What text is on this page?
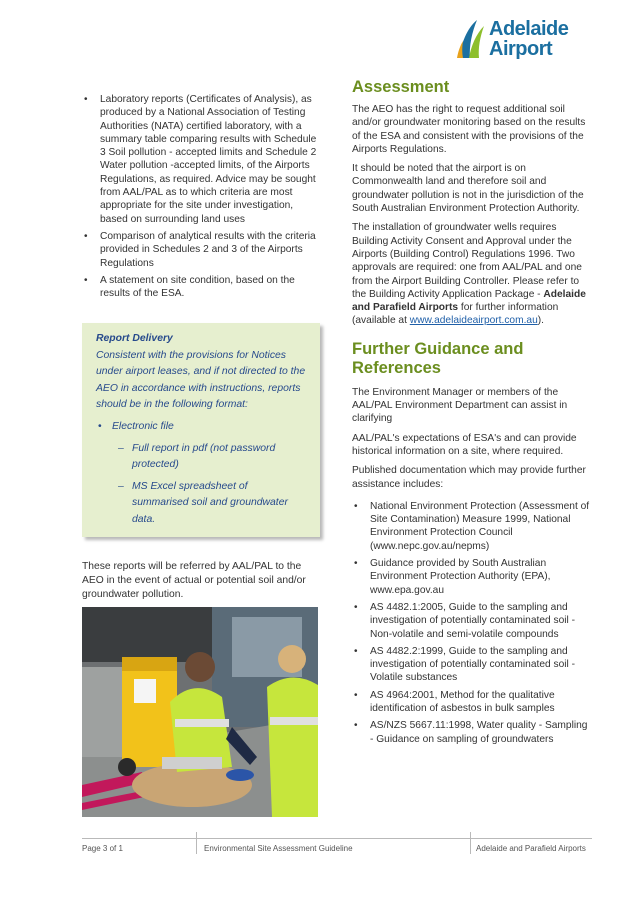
Adelaide
Airport
• Laboratory reports (Certificates of Analysis), as produced by a National Association of Testing Authorities (NATA) certified laboratory, with a summary table comparing results with Schedule 3 Soil pollution - accepted limits and Schedule 2 Water pollution -accepted limits, of the Airports Regulations, as required. Advice may be sought from AAL/PAL as to which criteria are most appropriate for the site under investigation, based on surrounding land uses
• Comparison of analytical results with the criteria provided in Schedules 2 and 3 of the Airports Regulations
• A statement on site condition, based on the results of the ESA.
Report Delivery
Consistent with the provisions for Notices under airport leases, and if not directed to the AEO in accordance with instructions, reports should be in the following format:
• Electronic file
– Full report in pdf (not password protected)
– MS Excel spreadsheet of summarised soil and groundwater data.
These reports will be referred by AAL/PAL to the AEO in the event of actual or potential soil and/or groundwater pollution.
Assessment

The AEO has the right to request additional soil and/or groundwater monitoring based on the results of the ESA and consistent with the provisions of the Airports Regulations.

It should be noted that the airport is on Commonwealth land and therefore soil and groundwater pollution is not in the jurisdiction of the South Australian Environment Protection Authority.

The installation of groundwater wells requires Building Activity Consent and Approval under the Airports (Building Control) Regulations 1996. Two approvals are required: one from AAL/PAL and one from the Airport Building Controller. Please refer to the Building Activity Application Package - Adelaide and Parafield Airports for further information (available at www.adelaideairport.com.au).

Further Guidance and References

The Environment Manager or members of the AAL/PAL Environment Department can assist in clarifying

AAL/PAL's expectations of ESA's and can provide historical information on a site, where required.

Published documentation which may provide further assistance includes:

• National Environment Protection (Assessment of Site Contamination) Measure 1999, National Environment Protection Council (www.nepc.gov.au/nepms)
• Guidance provided by South Australian Environment Protection Authority (EPA), www.epa.gov.au
• AS 4482.1:2005, Guide to the sampling and investigation of potentially contaminated soil - Non-volatile and semi-volatile compounds
• AS 4482.2:1999, Guide to the sampling and investigation of potentially contaminated soil - Volatile substances
• AS 4964:2001, Method for the qualitative identification of asbestos in bulk samples
• AS/NZS 5667.11:1998, Water quality - Sampling - Guidance on sampling of groundwaters
Page 3 of 1	Environmental Site Assessment Guideline	Adelaide and Parafield Airports
